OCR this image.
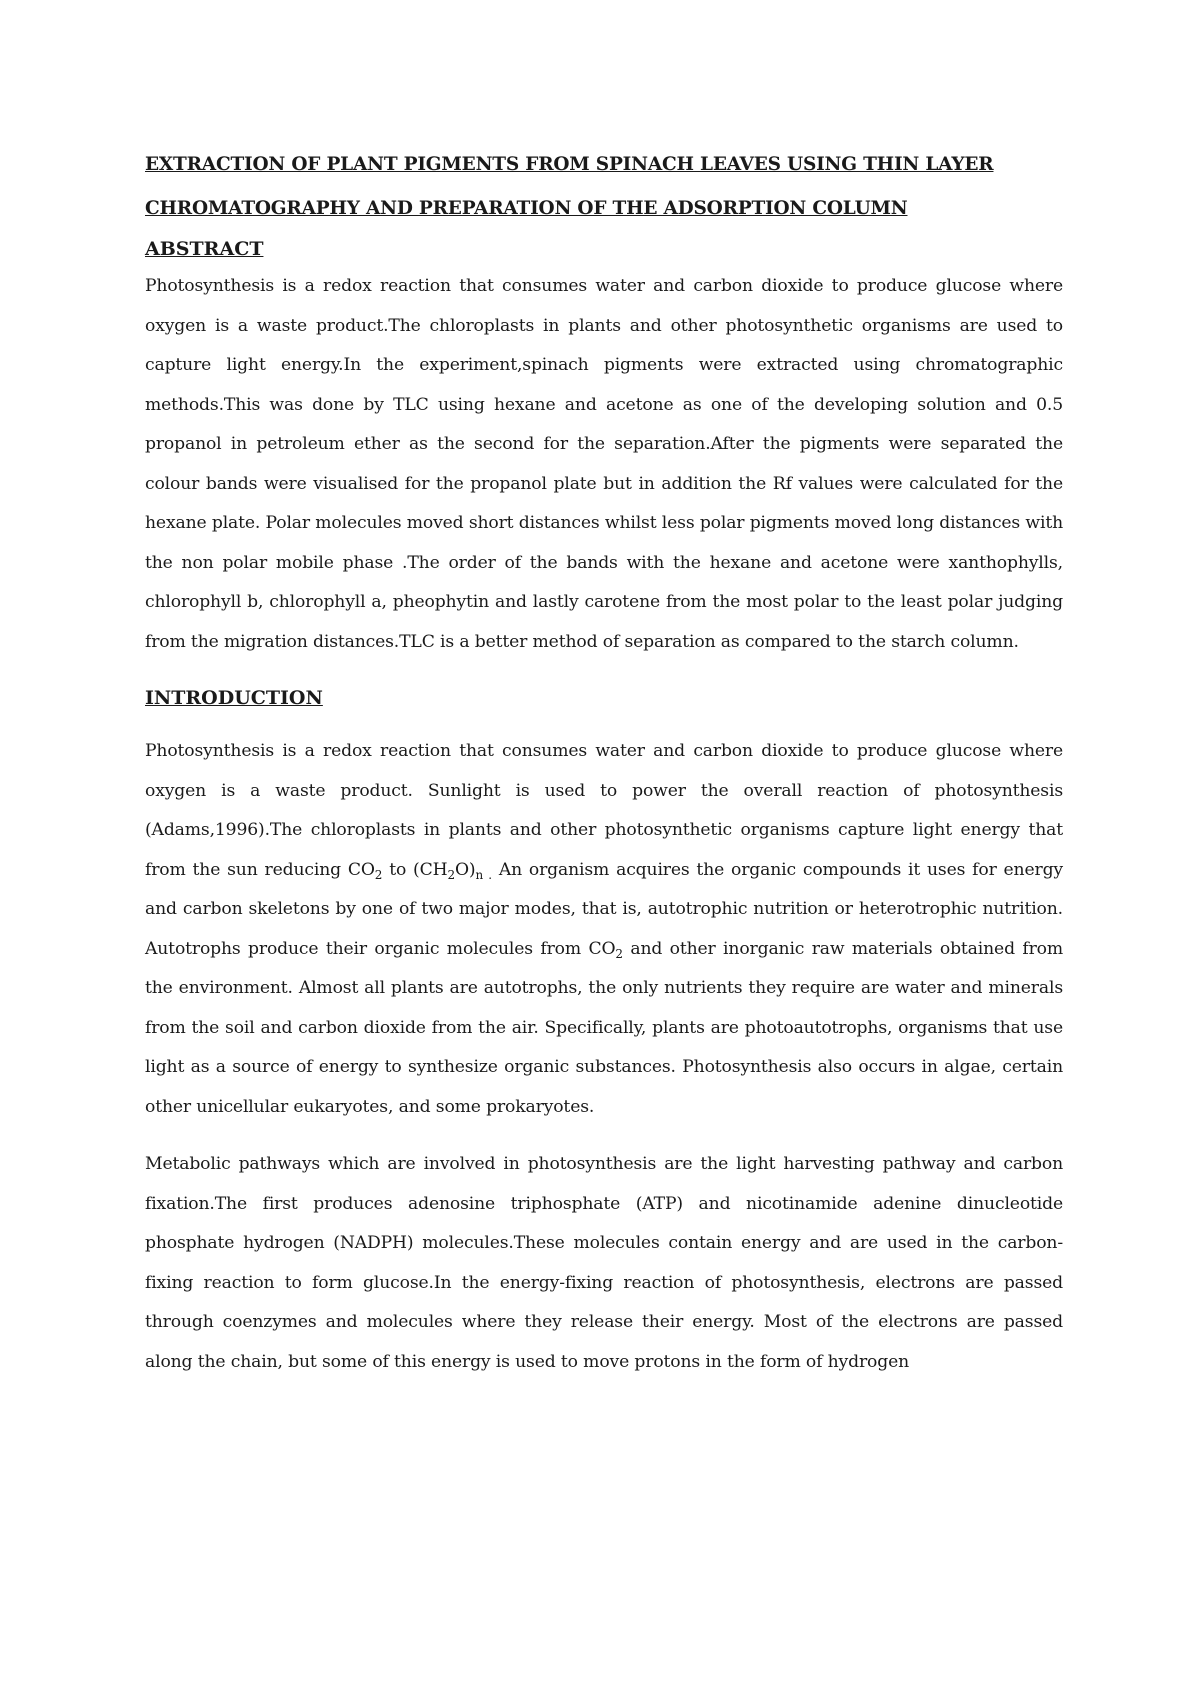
EXTRACTION OF PLANT PIGMENTS FROM SPINACH LEAVES USING THIN LAYER CHROMATOGRAPHY AND PREPARATION OF THE ADSORPTION COLUMN

ABSTRACT

Photosynthesis is a redox reaction that consumes water and carbon dioxide to produce glucose where oxygen is a waste product.The chloroplasts in plants and other photosynthetic organisms are used to capture light energy.In the experiment,spinach pigments were extracted using chromatographic methods.This was done by TLC using hexane and acetone as one of the developing solution and 0.5 propanol in petroleum ether as the second for the separation.After the pigments were separated the colour bands were visualised for the propanol plate but in addition the Rf values were calculated for the hexane plate. Polar molecules moved short distances whilst less polar pigments moved long distances with the non polar mobile phase .The order of the bands with the hexane and acetone were xanthophylls, chlorophyll b, chlorophyll a, pheophytin and lastly carotene from the most polar to the least polar judging from the migration distances.TLC is a better method of separation as compared to the starch column.

INTRODUCTION

Photosynthesis is a redox reaction that consumes water and carbon dioxide to produce glucose where oxygen is a waste product. Sunlight is used to power the overall reaction of photosynthesis (Adams,1996).The chloroplasts in plants and other photosynthetic organisms capture light energy that from the sun reducing $CO_2$ to $(CH_2O)_{n .}$ An organism acquires the organic compounds it uses for energy and carbon skeletons by one of two major modes, that is, autotrophic nutrition or heterotrophic nutrition. Autotrophs produce their organic molecules from $CO_2$ and other inorganic raw materials obtained from the environment. Almost all plants are autotrophs, the only nutrients they require are water and minerals from the soil and carbon dioxide from the air. Specifically, plants are photoautotrophs, organisms that use light as a source of energy to synthesize organic substances. Photosynthesis also occurs in algae, certain other unicellular eukaryotes, and some prokaryotes.

Metabolic pathways which are involved in photosynthesis are the light harvesting pathway and carbon fixation.The first produces adenosine triphosphate (ATP) and nicotinamide adenine dinucleotide phosphate hydrogen (NADPH) molecules.These molecules contain energy and are used in the carbon-fixing reaction to form glucose.In the energy-fixing reaction of photosynthesis, electrons are passed through coenzymes and molecules where they release their energy. Most of the electrons are passed along the chain, but some of this energy is used to move protons in the form of hydrogen
